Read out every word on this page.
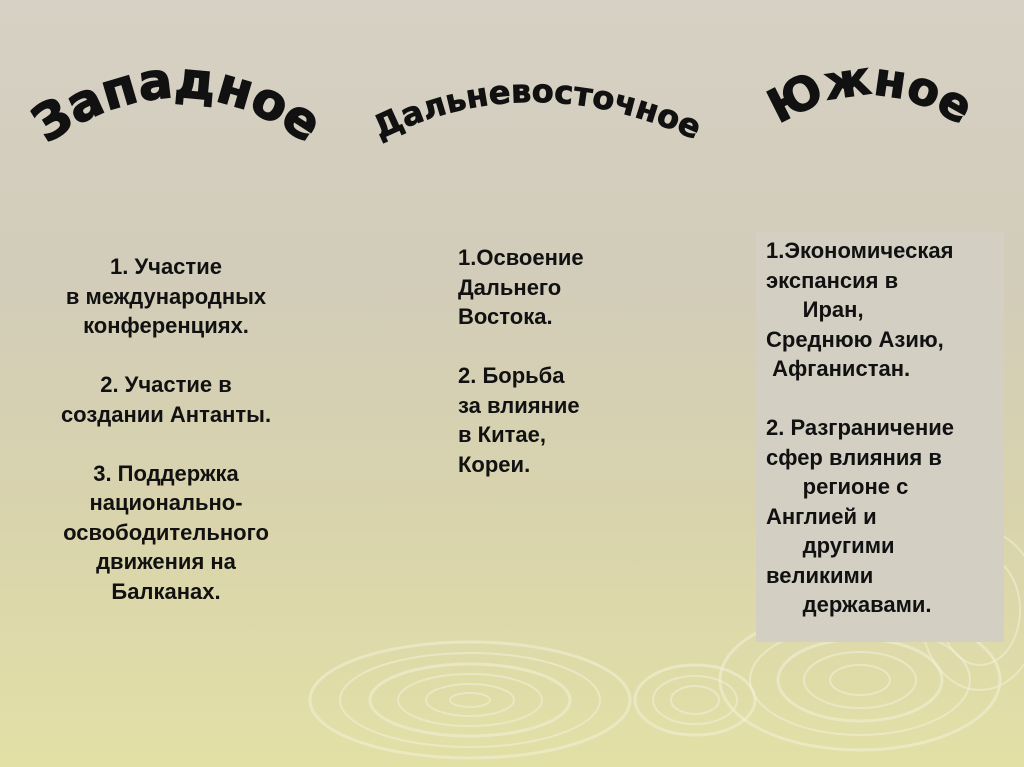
Западное Дальневосточное Южное

1. Участие

в международных

конференциях.

2. Участие в

создании Антанты.

3. Поддержка

национально-

освободительного

движения на

Балканах.

1.Освоение

Дальнего

Востока.

2. Борьба

за влияние

в Китае,

Кореи.

1.Экономическая

экспансия в

Иран,

Среднюю Азию,

Афганистан.

2. Разграничение

сфер влияния в

регионе с

Англией и

другими

великими

державами.
